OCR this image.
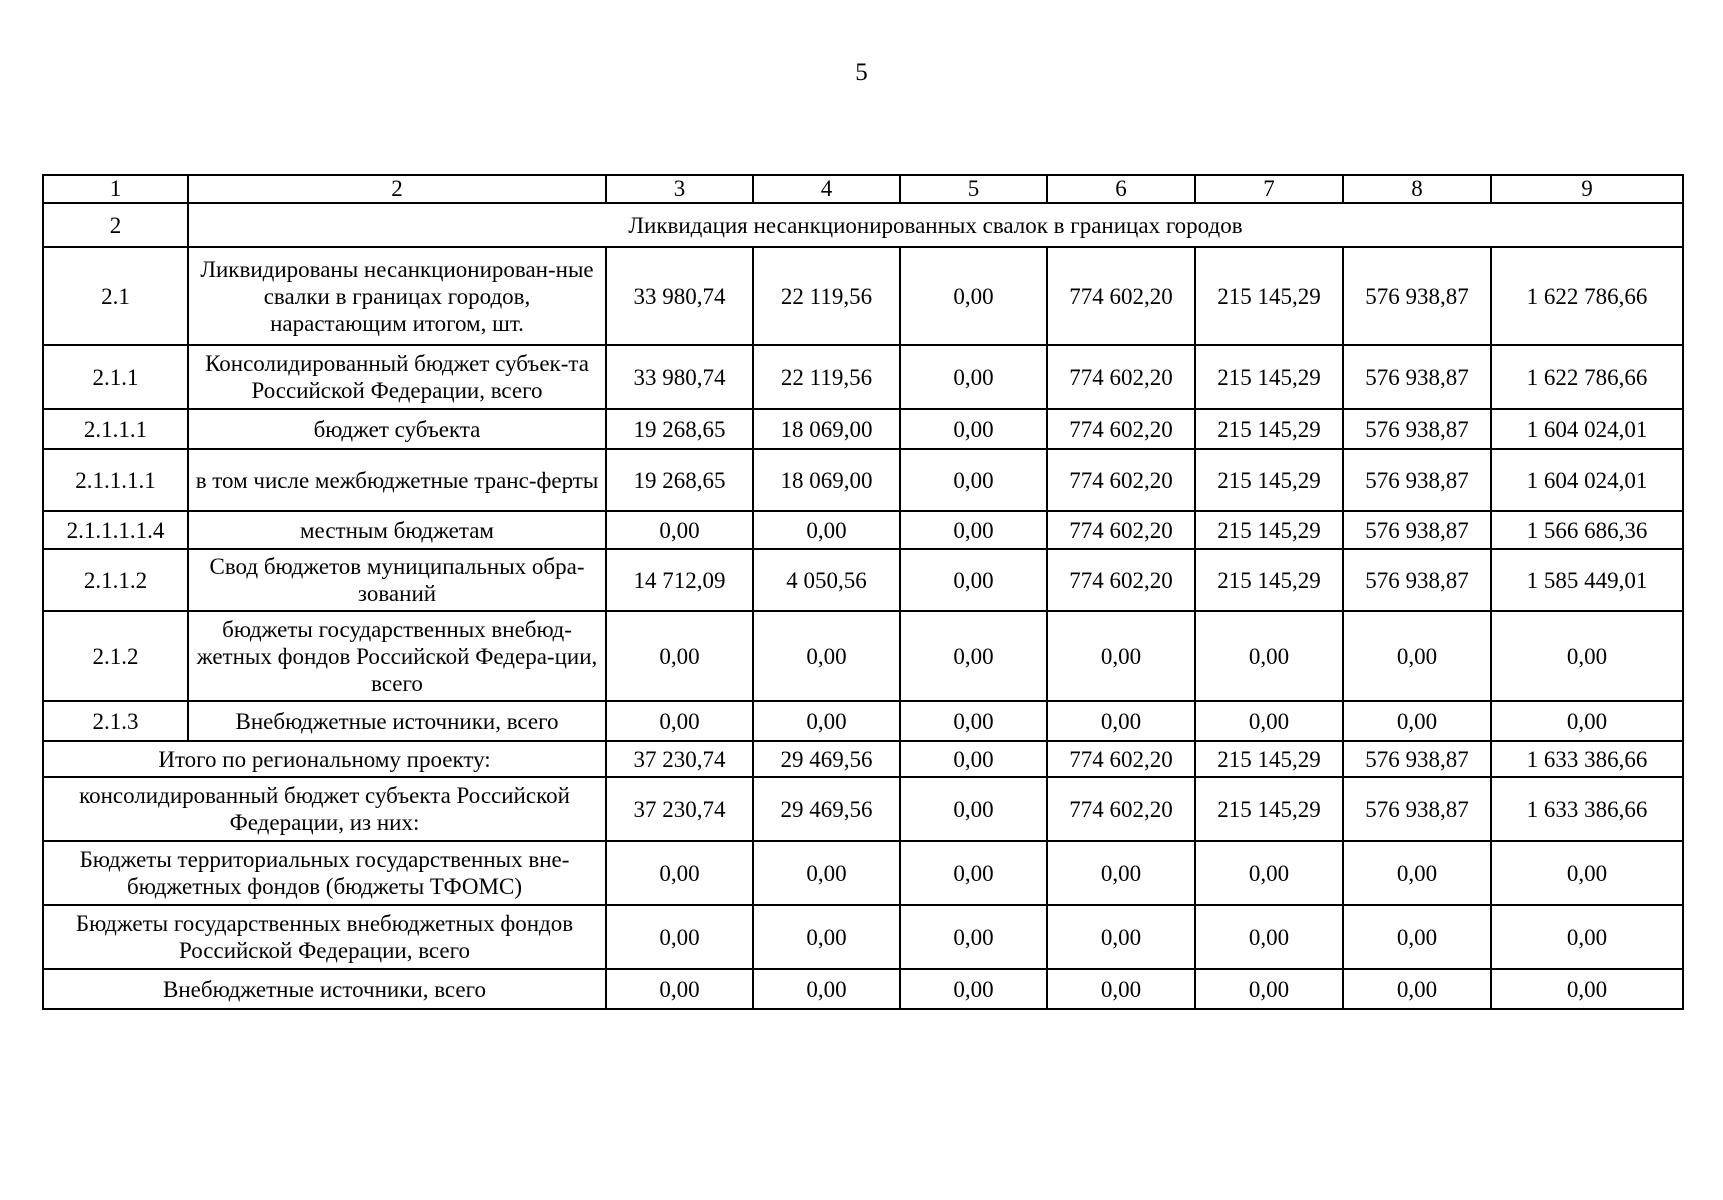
5
1	2	3	4	5	6	7	8	9
2	Ликвидация несанкционированных свалок в границах городов							
2.1	Ликвидированы несанкционирован-ные свалки в границах городов, нарастающим итогом, шт.	33 980,74	22 119,56	0,00	774 602,20	215 145,29	576 938,87	1 622 786,66
2.1.1	Консолидированный бюджет субъек-та Российской Федерации, всего	33 980,74	22 119,56	0,00	774 602,20	215 145,29	576 938,87	1 622 786,66
2.1.1.1	бюджет субъекта	19 268,65	18 069,00	0,00	774 602,20	215 145,29	576 938,87	1 604 024,01
2.1.1.1.1	в том числе межбюджетные транс-ферты	19 268,65	18 069,00	0,00	774 602,20	215 145,29	576 938,87	1 604 024,01
2.1.1.1.1.4	местным бюджетам	0,00	0,00	0,00	774 602,20	215 145,29	576 938,87	1 566 686,36
2.1.1.2	Свод бюджетов муниципальных обра-зований	14 712,09	4 050,56	0,00	774 602,20	215 145,29	576 938,87	1 585 449,01
2.1.2	бюджеты государственных внебюд-жетных фондов Российской Федера-ции, всего	0,00	0,00	0,00	0,00	0,00	0,00	0,00
2.1.3	Внебюджетные источники, всего	0,00	0,00	0,00	0,00	0,00	0,00	0,00
Итого по региональному проекту:		37 230,74	29 469,56	0,00	774 602,20	215 145,29	576 938,87	1 633 386,66
консолидированный бюджет субъекта Российской Федерации, из них:		37 230,74	29 469,56	0,00	774 602,20	215 145,29	576 938,87	1 633 386,66
Бюджеты территориальных государственных вне-бюджетных фондов (бюджеты ТФОМС)		0,00	0,00	0,00	0,00	0,00	0,00	0,00
Бюджеты государственных внебюджетных фондов Российской Федерации, всего		0,00	0,00	0,00	0,00	0,00	0,00	0,00
Внебюджетные источники, всего		0,00	0,00	0,00	0,00	0,00	0,00	0,00
